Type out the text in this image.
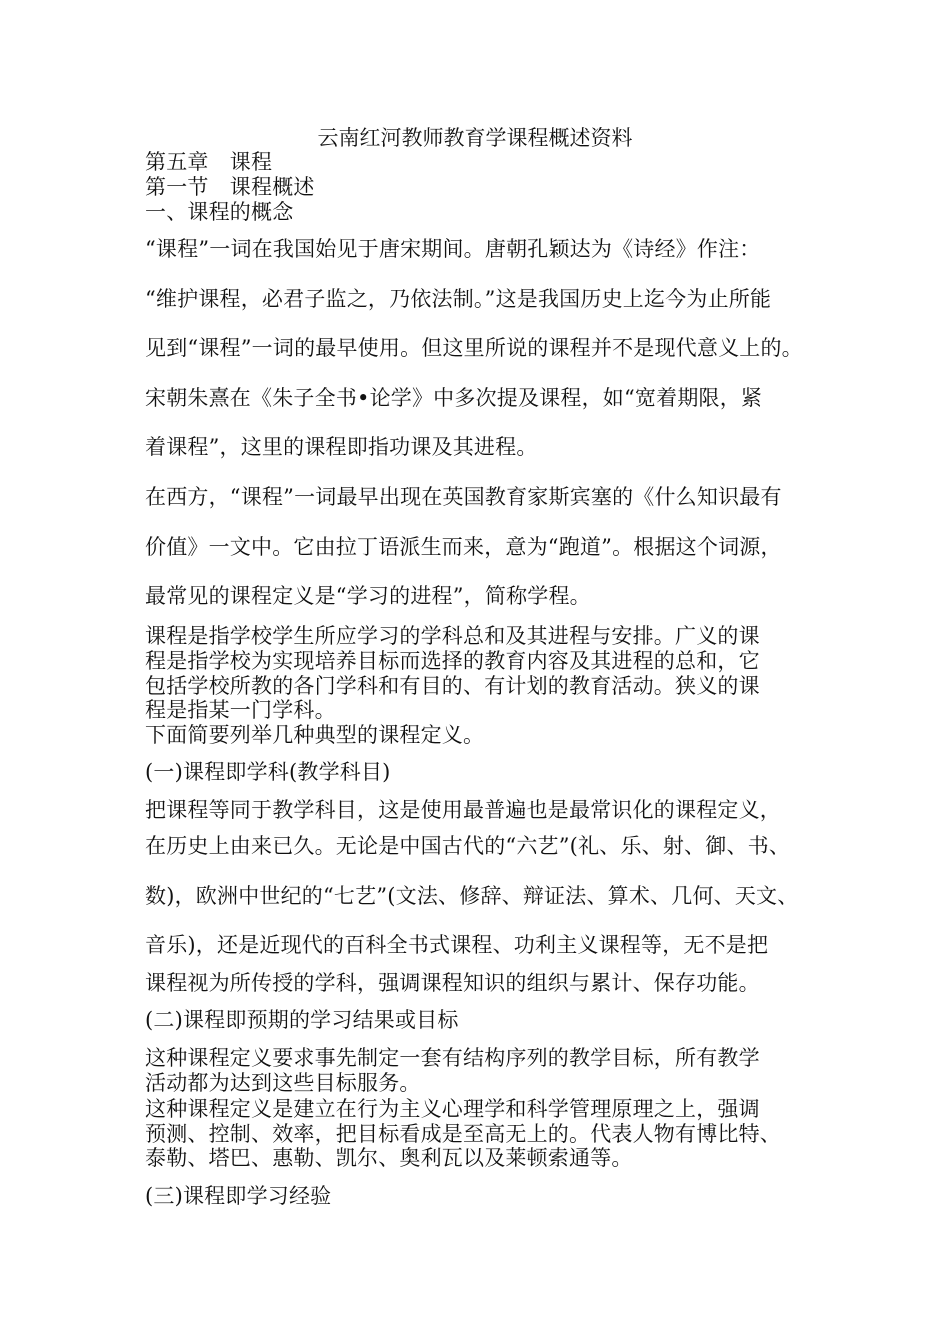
云南红河教师教育学课程概述资料
第五章　课程
第一节　课程概述
一、课程的概念
“课程”一词在我国始见于唐宋期间。唐朝孔颖达为《诗经》作注：
“维护课程，必君子监之，乃依法制。”这是我国历史上迄今为止所能
见到“课程”一词的最早使用。但这里所说的课程并不是现代意义上的。
宋朝朱熹在《朱子全书•论学》中多次提及课程，如“宽着期限，紧
着课程”，这里的课程即指功课及其进程。
在西方，“课程”一词最早出现在英国教育家斯宾塞的《什么知识最有
价值》一文中。它由拉丁语派生而来，意为“跑道”。根据这个词源，
最常见的课程定义是“学习的进程”，简称学程。
课程是指学校学生所应学习的学科总和及其进程与安排。广义的课
程是指学校为实现培养目标而选择的教育内容及其进程的总和，它
包括学校所教的各门学科和有目的、有计划的教育活动。狭义的课
程是指某一门学科。
下面简要列举几种典型的课程定义。
(一)课程即学科(教学科目)
把课程等同于教学科目，这是使用最普遍也是最常识化的课程定义，
在历史上由来已久。无论是中国古代的“六艺”(礼、乐、射、御、书、
数)，欧洲中世纪的“七艺”(文法、修辞、辩证法、算术、几何、天文、
音乐)，还是近现代的百科全书式课程、功利主义课程等，无不是把
课程视为所传授的学科，强调课程知识的组织与累计、保存功能。
(二)课程即预期的学习结果或目标
这种课程定义要求事先制定一套有结构序列的教学目标，所有教学
活动都为达到这些目标服务。
这种课程定义是建立在行为主义心理学和科学管理原理之上，强调
预测、控制、效率，把目标看成是至高无上的。代表人物有博比特、
泰勒、塔巴、惠勒、凯尔、奥利瓦以及莱顿索通等。
(三)课程即学习经验
